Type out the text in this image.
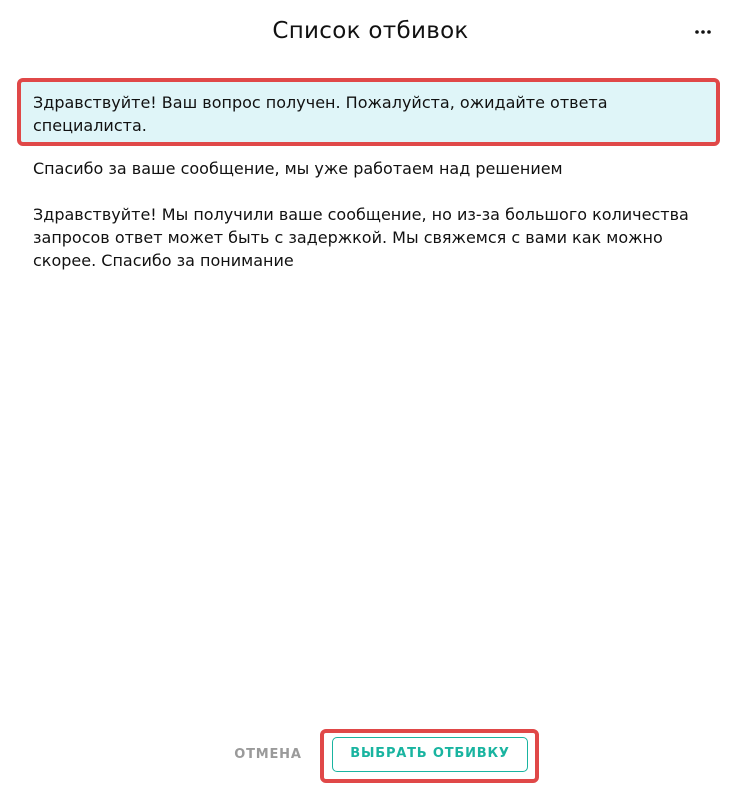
Список отбивок
Здравствуйте! Ваш вопрос получен. Пожалуйста, ожидайте ответа специалиста.
Спасибо за ваше сообщение, мы уже работаем над решением
Здравствуйте! Мы получили ваше сообщение, но из-за большого количества запросов ответ может быть с задержкой. Мы свяжемся с вами как можно скорее. Спасибо за понимание
ОТМЕНА	ВЫБРАТЬ ОТБИВКУ
